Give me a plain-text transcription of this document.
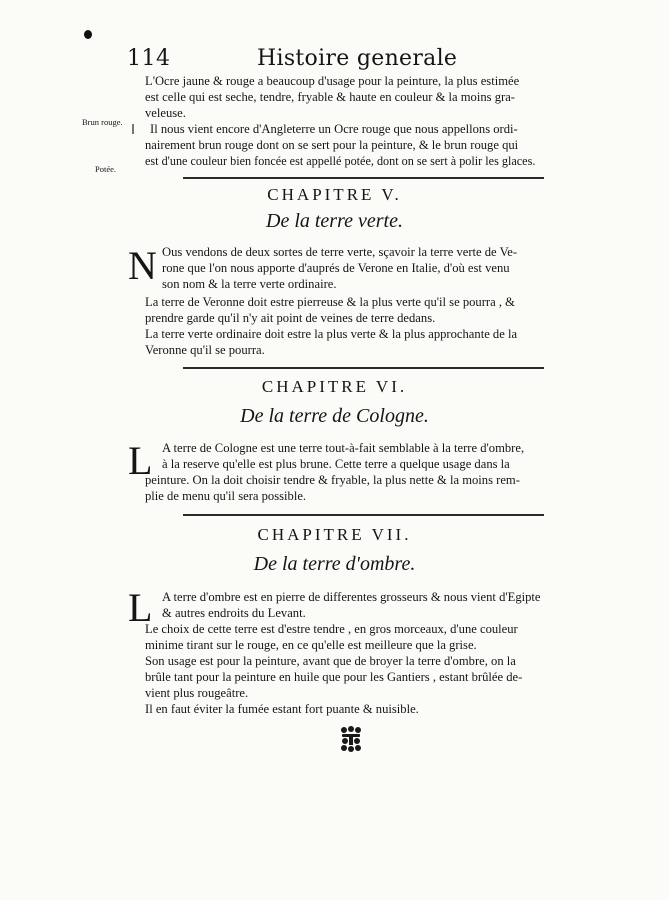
114	Histoire generale
Brun rouge.
Potée.
L'Ocre jaune & rouge a beaucoup d'usage pour la peinture, la plus estimée
est celle qui est seche, tendre, fryable & haute en couleur & la moins gra-
veleuse.
Il nous vient encore d'Angleterre un Ocre rouge que nous appellons ordi-
nairement brun rouge dont on se sert pour la peinture, & le brun rouge qui
est d'une couleur bien foncée est appellé potée, dont on se sert à polir les glaces.
CHAPITRE V.
De la terre verte.
N Ous vendons de deux sortes de terre verte, sçavoir la terre verte de Ve-
rone que l'on nous apporte d'auprés de Verone en Italie, d'où est venu
son nom & la terre verte ordinaire.
La terre de Veronne doit estre pierreuse & la plus verte qu'il se pourra , &
prendre garde qu'il n'y ait point de veines de terre dedans.
La terre verte ordinaire doit estre la plus verte & la plus approchante de la
Veronne qu'il se pourra.
CHAPITRE VI.
De la terre de Cologne.
L A terre de Cologne est une terre tout-à-fait semblable à la terre d'ombre,
à la reserve qu'elle est plus brune. Cette terre a quelque usage dans la
peinture. On la doit choisir tendre & fryable, la plus nette & la moins rem-
plie de menu qu'il sera possible.
CHAPITRE VII.
De la terre d'ombre.
L A terre d'ombre est en pierre de differentes grosseurs & nous vient d'Egipte
& autres endroits du Levant.
Le choix de cette terre est d'estre tendre , en gros morceaux, d'une couleur
minime tirant sur le rouge, en ce qu'elle est meilleure que la grise.
Son usage est pour la peinture, avant que de broyer la terre d'ombre, on la
brûle tant pour la peinture en huile que pour les Gantiers , estant brûlée de-
vient plus rougeâtre.
Il en faut éviter la fumée estant fort puante & nuisible.
